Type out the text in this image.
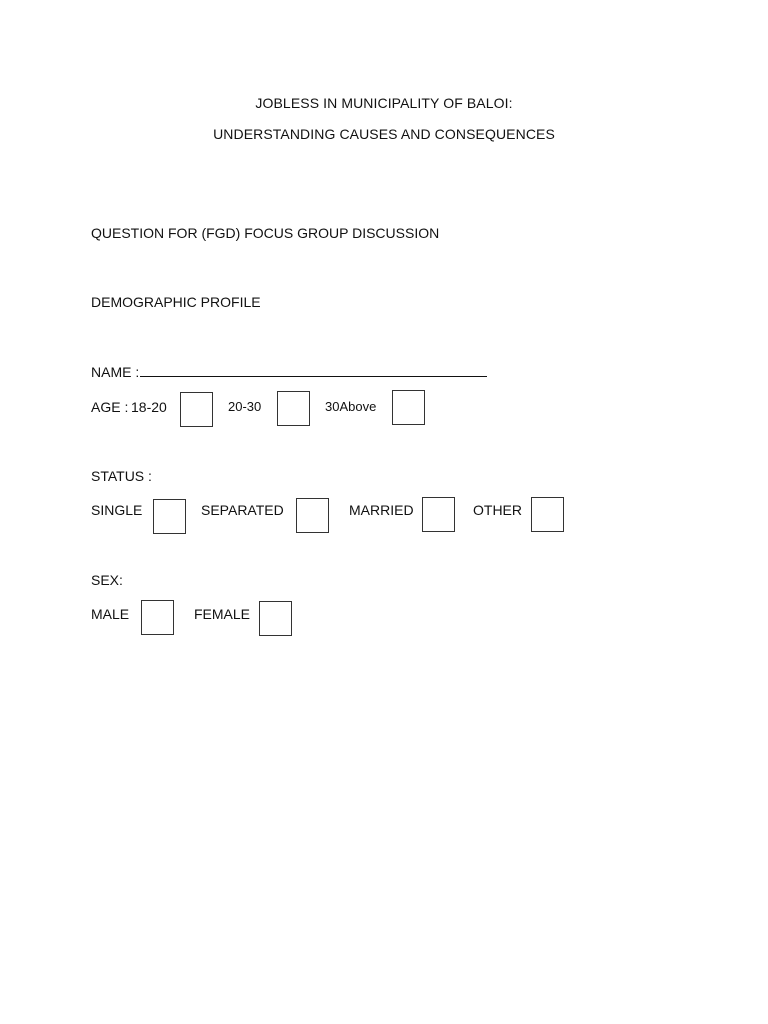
JOBLESS IN MUNICIPALITY OF BALOI:
UNDERSTANDING CAUSES AND CONSEQUENCES
QUESTION FOR (FGD) FOCUS GROUP DISCUSSION
DEMOGRAPHIC PROFILE
NAME :
AGE : 18-20	20-30	30Above
STATUS :
SINGLE	SEPARATED	MARRIED	OTHER
SEX:
MALE	FEMALE
